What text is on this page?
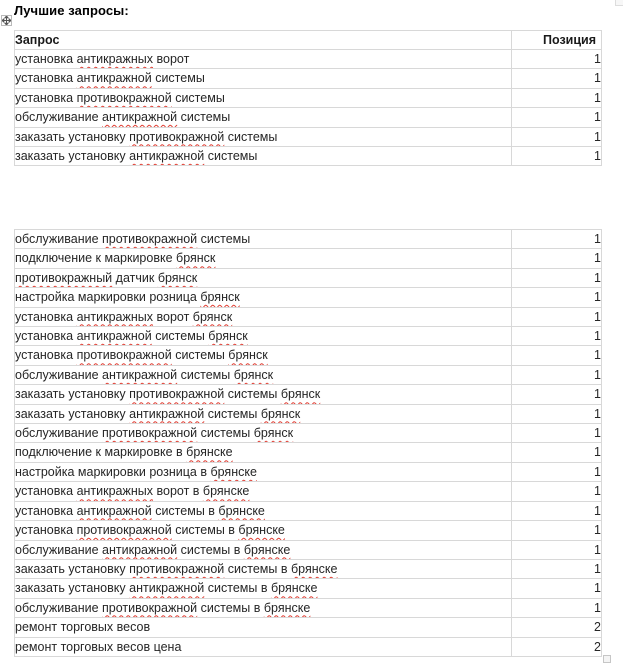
Лучшие запросы:
Запрос	Позиция
установка антикражных ворот	1
установка антикражной системы	1
установка противокражной системы	1
обслуживание антикражной системы	1
заказать установку противокражной системы	1
заказать установку антикражной системы	1
обслуживание противокражной системы	1
подключение к маркировке брянск	1
противокражный датчик брянск	1
настройка маркировки розница брянск	1
установка антикражных ворот брянск	1
установка антикражной системы брянск	1
установка противокражной системы брянск	1
обслуживание антикражной системы брянск	1
заказать установку противокражной системы брянск	1
заказать установку антикражной системы брянск	1
обслуживание противокражной системы брянск	1
подключение к маркировке в брянске	1
настройка маркировки розница в брянске	1
установка антикражных ворот в брянске	1
установка антикражной системы в брянске	1
установка противокражной системы в брянске	1
обслуживание антикражной системы в брянске	1
заказать установку противокражной системы в брянске	1
заказать установку антикражной системы в брянске	1
обслуживание противокражной системы в брянске	1
ремонт торговых весов	2
ремонт торговых весов цена	2
